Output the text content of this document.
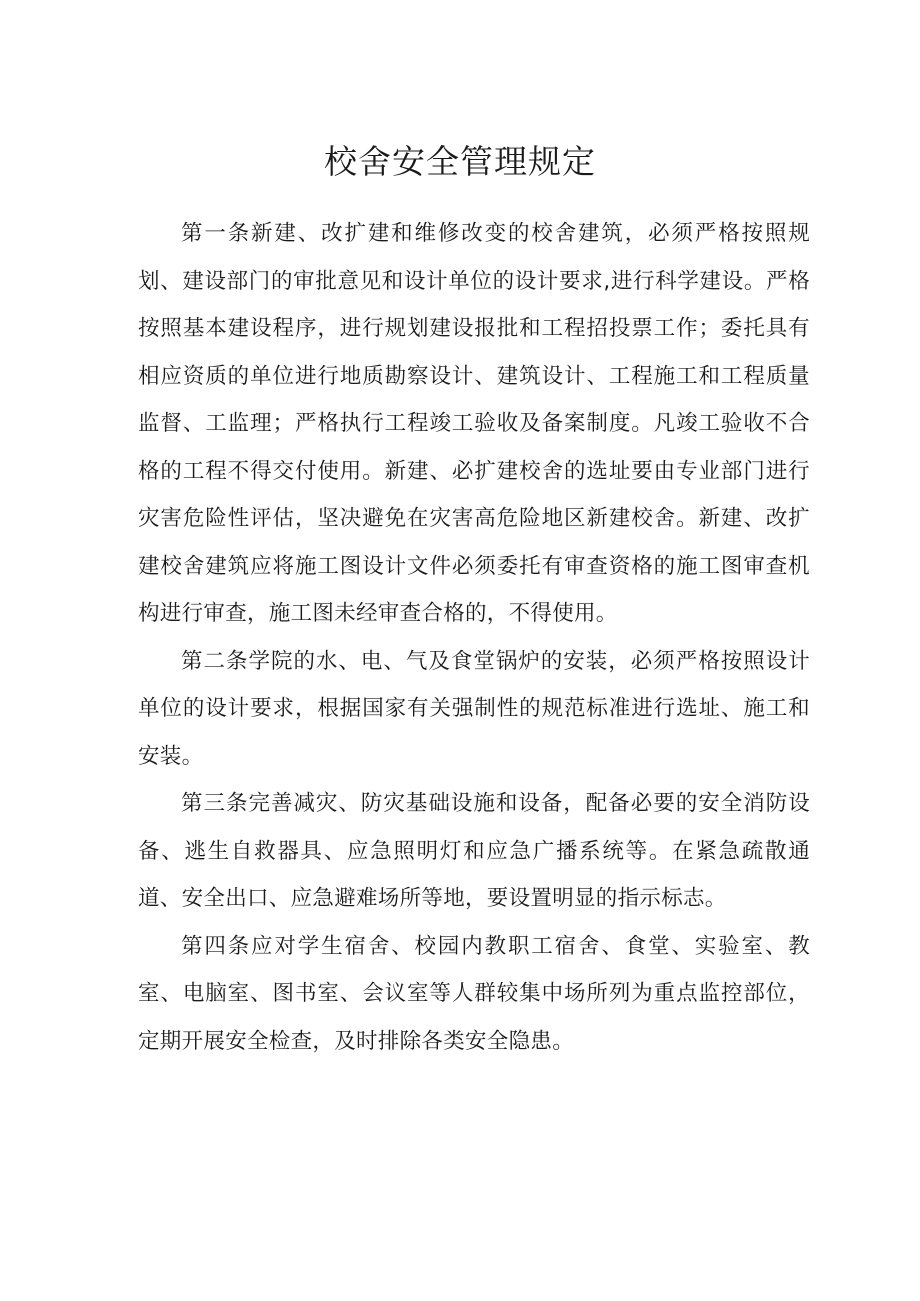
校舍安全管理规定

第一条新建、改扩建和维修改变的校舍建筑，必须严格按照规划、建设部门的审批意见和设计单位的设计要求,进行科学建设。严格按照基本建设程序，进行规划建设报批和工程招投票工作；委托具有相应资质的单位进行地质勘察设计、建筑设计、工程施工和工程质量监督、工监理；严格执行工程竣工验收及备案制度。凡竣工验收不合格的工程不得交付使用。新建、必扩建校舍的选址要由专业部门进行灾害危险性评估，坚决避免在灾害高危险地区新建校舍。新建、改扩建校舍建筑应将施工图设计文件必须委托有审查资格的施工图审查机构进行审查，施工图未经审查合格的，不得使用。

第二条学院的水、电、气及食堂锅炉的安装，必须严格按照设计单位的设计要求，根据国家有关强制性的规范标准进行选址、施工和安装。

第三条完善减灾、防灾基础设施和设备，配备必要的安全消防设备、逃生自救器具、应急照明灯和应急广播系统等。在紧急疏散通道、安全出口、应急避难场所等地，要设置明显的指示标志。

第四条应对学生宿舍、校园内教职工宿舍、食堂、实验室、教室、电脑室、图书室、会议室等人群较集中场所列为重点监控部位，定期开展安全检查，及时排除各类安全隐患。
